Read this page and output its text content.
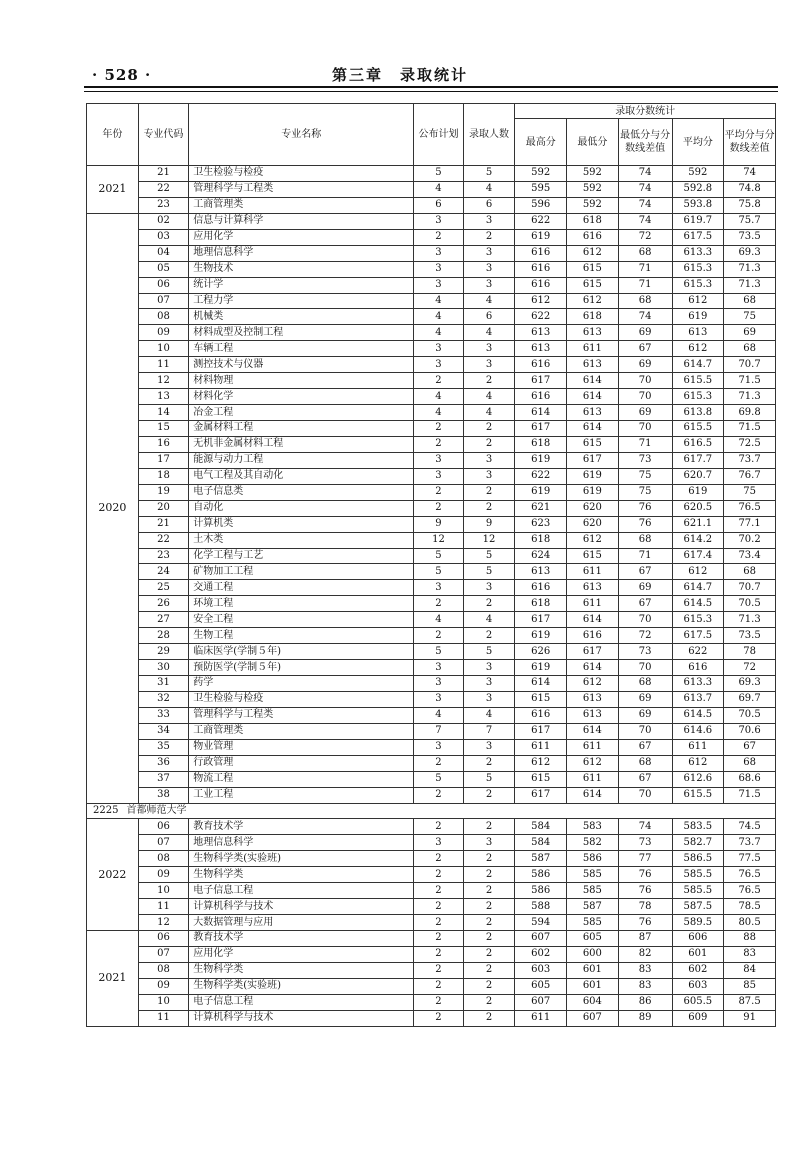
· 528 ·	第三章　录取统计
年份	专业代码	专业名称	公布计划	录取人数	录取分数统计				
					最高分	最低分	最低分与分数线差值	平均分	平均分与分数线差值
2021	21	卫生检验与检疫	5	5	592	592	74	592	74
	22	管理科学与工程类	4	4	595	592	74	592.8	74.8
	23	工商管理类	6	6	596	592	74	593.8	75.8
2020	02	信息与计算科学	3	3	622	618	74	619.7	75.7
	03	应用化学	2	2	619	616	72	617.5	73.5
	04	地理信息科学	3	3	616	612	68	613.3	69.3
	05	生物技术	3	3	616	615	71	615.3	71.3
	06	统计学	3	3	616	615	71	615.3	71.3
	07	工程力学	4	4	612	612	68	612	68
	08	机械类	4	6	622	618	74	619	75
	09	材料成型及控制工程	4	4	613	613	69	613	69
	10	车辆工程	3	3	613	611	67	612	68
	11	测控技术与仪器	3	3	616	613	69	614.7	70.7
	12	材料物理	2	2	617	614	70	615.5	71.5
	13	材料化学	4	4	616	614	70	615.3	71.3
	14	冶金工程	4	4	614	613	69	613.8	69.8
	15	金属材料工程	2	2	617	614	70	615.5	71.5
	16	无机非金属材料工程	2	2	618	615	71	616.5	72.5
	17	能源与动力工程	3	3	619	617	73	617.7	73.7
	18	电气工程及其自动化	3	3	622	619	75	620.7	76.7
	19	电子信息类	2	2	619	619	75	619	75
	20	自动化	2	2	621	620	76	620.5	76.5
	21	计算机类	9	9	623	620	76	621.1	77.1
	22	土木类	12	12	618	612	68	614.2	70.2
	23	化学工程与工艺	5	5	624	615	71	617.4	73.4
	24	矿物加工工程	5	5	613	611	67	612	68
	25	交通工程	3	3	616	613	69	614.7	70.7
	26	环境工程	2	2	618	611	67	614.5	70.5
	27	安全工程	4	4	617	614	70	615.3	71.3
	28	生物工程	2	2	619	616	72	617.5	73.5
	29	临床医学(学制５年)	5	5	626	617	73	622	78
	30	预防医学(学制５年)	3	3	619	614	70	616	72
	31	药学	3	3	614	612	68	613.3	69.3
	32	卫生检验与检疫	3	3	615	613	69	613.7	69.7
	33	管理科学与工程类	4	4	616	613	69	614.5	70.5
	34	工商管理类	7	7	617	614	70	614.6	70.6
	35	物业管理	3	3	611	611	67	611	67
	36	行政管理	2	2	612	612	68	612	68
	37	物流工程	5	5	615	611	67	612.6	68.6
	38	工业工程	2	2	617	614	70	615.5	71.5
2225 首都师范大学									
2022	06	教育技术学	2	2	584	583	74	583.5	74.5
	07	地理信息科学	3	3	584	582	73	582.7	73.7
	08	生物科学类(实验班)	2	2	587	586	77	586.5	77.5
	09	生物科学类	2	2	586	585	76	585.5	76.5
	10	电子信息工程	2	2	586	585	76	585.5	76.5
	11	计算机科学与技术	2	2	588	587	78	587.5	78.5
	12	大数据管理与应用	2	2	594	585	76	589.5	80.5
2021	06	教育技术学	2	2	607	605	87	606	88
	07	应用化学	2	2	602	600	82	601	83
	08	生物科学类	2	2	603	601	83	602	84
	09	生物科学类(实验班)	2	2	605	601	83	603	85
	10	电子信息工程	2	2	607	604	86	605.5	87.5
	11	计算机科学与技术	2	2	611	607	89	609	91
